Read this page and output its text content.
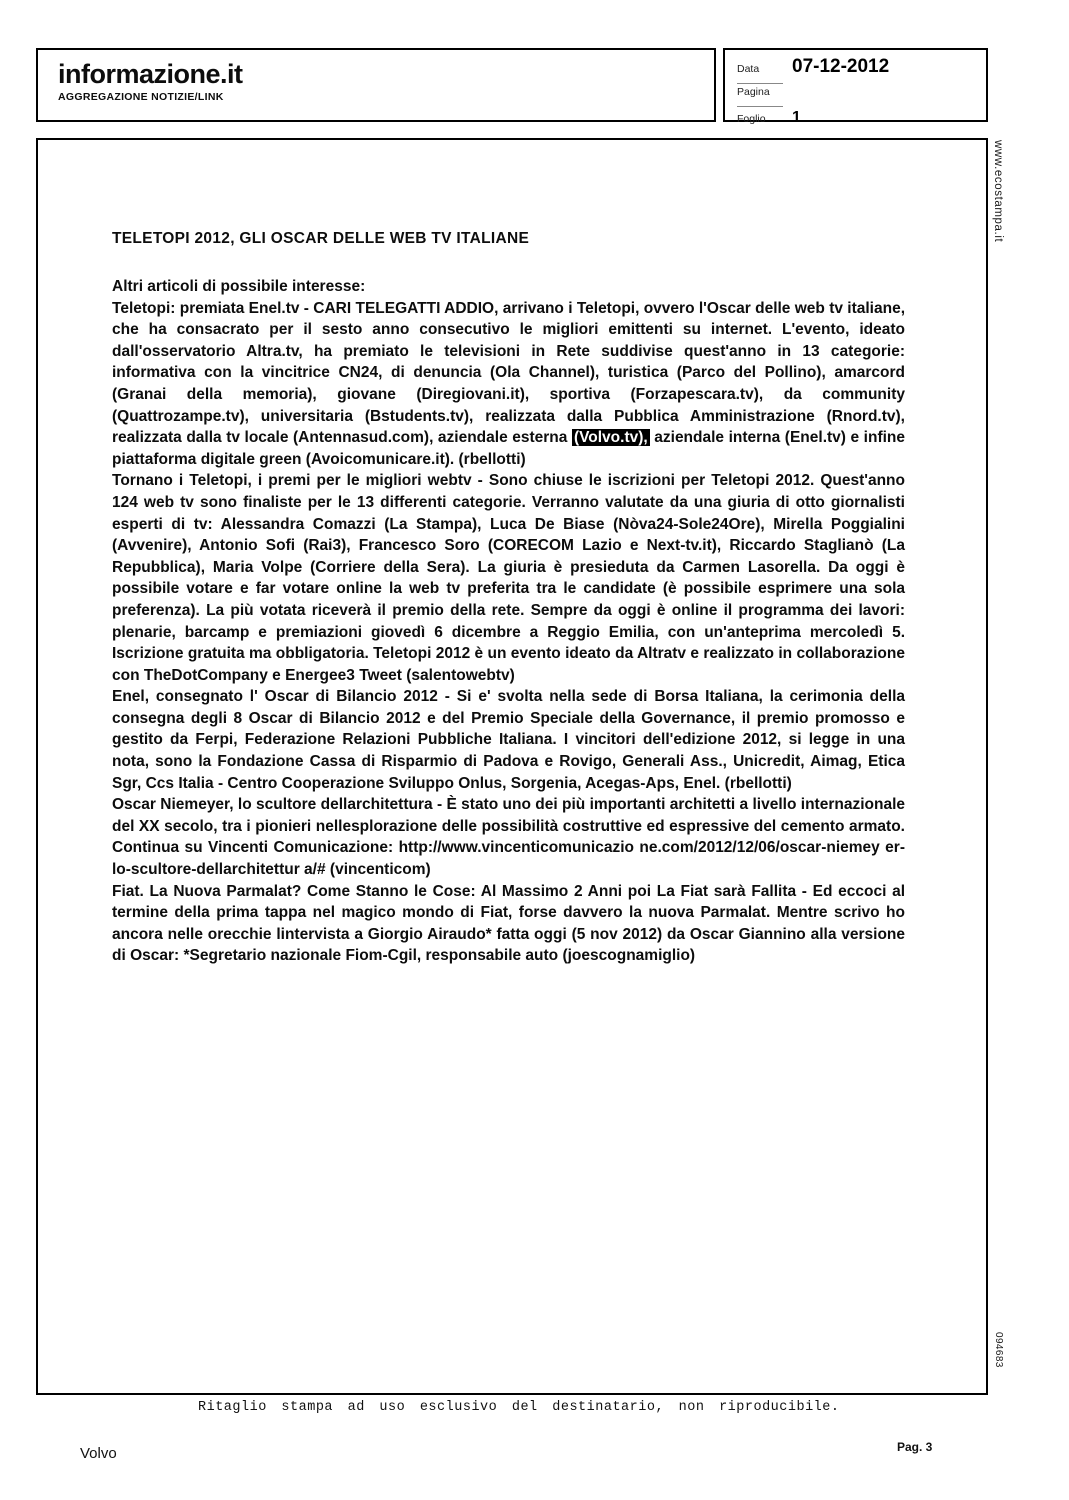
informazione.it
AGGREGAZIONE NOTIZIE/LINK
Data	07-12-2012
Pagina
Foglio	1
TELETOPI 2012, GLI OSCAR DELLE WEB TV ITALIANE
Altri articoli di possibile interesse:
Teletopi: premiata Enel.tv - CARI TELEGATTI ADDIO, arrivano i Teletopi, ovvero l'Oscar delle web tv italiane, che ha consacrato per il sesto anno consecutivo le migliori emittenti su internet. L'evento, ideato dall'osservatorio Altra.tv, ha premiato le televisioni in Rete suddivise quest'anno in 13 categorie: informativa con la vincitrice CN24, di denuncia (Ola Channel), turistica (Parco del Pollino), amarcord (Granai della memoria), giovane (Diregiovani.it), sportiva (Forzapescara.tv), da community (Quattrozampe.tv), universitaria (Bstudents.tv), realizzata dalla Pubblica Amministrazione (Rnord.tv), realizzata dalla tv locale (Antennasud.com), aziendale esterna (Volvo.tv), aziendale interna (Enel.tv) e infine piattaforma digitale green (Avoicomunicare.it). (rbellotti)
Tornano i Teletopi, i premi per le migliori webtv - Sono chiuse le iscrizioni per Teletopi 2012. Quest'anno 124 web tv sono finaliste per le 13 differenti categorie. Verranno valutate da una giuria di otto giornalisti esperti di tv: Alessandra Comazzi (La Stampa), Luca De Biase (Nòva24-Sole24Ore), Mirella Poggialini (Avvenire), Antonio Sofi (Rai3), Francesco Soro (CORECOM Lazio e Next-tv.it), Riccardo Staglianò (La Repubblica), Maria Volpe (Corriere della Sera). La giuria è presieduta da Carmen Lasorella. Da oggi è possibile votare e far votare online la web tv preferita tra le candidate (è possibile esprimere una sola preferenza). La più votata riceverà il premio della rete. Sempre da oggi è online il programma dei lavori: plenarie, barcamp e premiazioni giovedì 6 dicembre a Reggio Emilia, con un'anteprima mercoledì 5. Iscrizione gratuita ma obbligatoria. Teletopi 2012 è un evento ideato da Altratv e realizzato in collaborazione con TheDotCompany e Energee3 Tweet (salentowebtv)
Enel, consegnato l' Oscar di Bilancio 2012 - Si e' svolta nella sede di Borsa Italiana, la cerimonia della consegna degli 8 Oscar di Bilancio 2012 e del Premio Speciale della Governance, il premio promosso e gestito da Ferpi, Federazione Relazioni Pubbliche Italiana. I vincitori dell'edizione 2012, si legge in una nota, sono la Fondazione Cassa di Risparmio di Padova e Rovigo, Generali Ass., Unicredit, Aimag, Etica Sgr, Ccs Italia - Centro Cooperazione Sviluppo Onlus, Sorgenia, Acegas-Aps, Enel. (rbellotti)
Oscar Niemeyer, lo scultore dellarchitettura - È stato uno dei più importanti architetti a livello internazionale del XX secolo, tra i pionieri nellesplorazione delle possibilità costruttive ed espressive del cemento armato. Continua su Vincenti Comunicazione: http://www.vincenticomunicazio ne.com/2012/12/06/oscar-niemey er-lo-scultore-dellarchitettur a/# (vincenticom)
Fiat. La Nuova Parmalat? Come Stanno le Cose: Al Massimo 2 Anni poi La Fiat sarà Fallita - Ed eccoci al termine della prima tappa nel magico mondo di Fiat, forse davvero la nuova Parmalat. Mentre scrivo ho ancora nelle orecchie lintervista a Giorgio Airaudo* fatta oggi (5 nov 2012) da Oscar Giannino alla versione di Oscar: *Segretario nazionale Fiom-Cgil, responsabile auto (joescognamiglio)
www.ecostampa.it
094683
Ritaglio stampa ad uso esclusivo del destinatario, non riproducibile.
Volvo	Pag. 3
